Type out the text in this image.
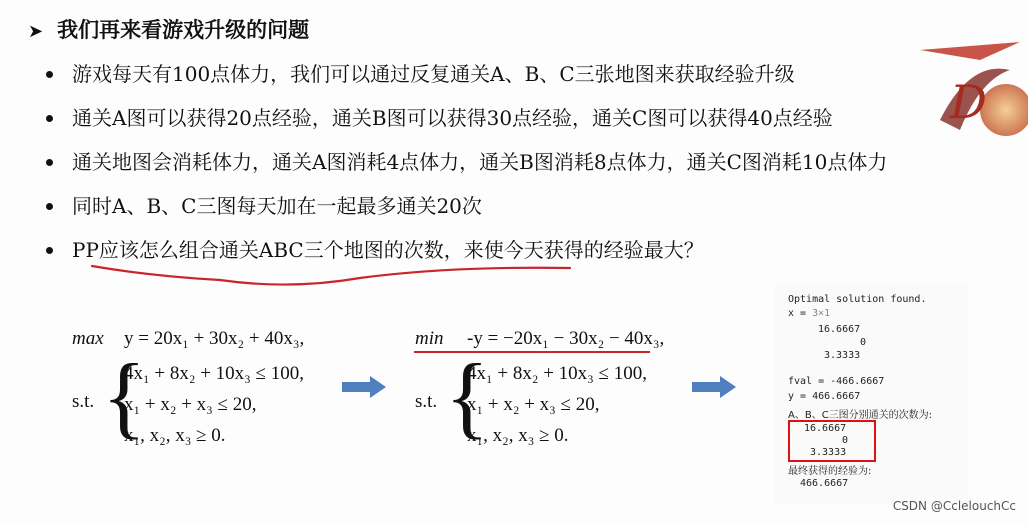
➤ 我们再来看游戏升级的问题
D
游戏每天有100点体力，我们可以通过反复通关A、B、C三张地图来获取经验升级
通关A图可以获得20点经验，通关B图可以获得30点经验，通关C图可以获得40点经验
通关地图会消耗体力，通关A图消耗4点体力，通关B图消耗8点体力，通关C图消耗10点体力
同时A、B、C三图每天加在一起最多通关20次
PP应该怎么组合通关ABC三个地图的次数，来使今天获得的经验最大？
max y = 20x₁ + 30x₂ + 40x₃,
s.t. {
4x₁ + 8x₂ + 10x₃ ≤ 100,
x₁ + x₂ + x₃ ≤ 20,
x₁, x₂, x₃ ≥ 0.
min -y = −20x₁ − 30x₂ − 40x₃,
s.t. {
4x₁ + 8x₂ + 10x₃ ≤ 100,
x₁ + x₂ + x₃ ≤ 20,
x₁, x₂, x₃ ≥ 0.
Optimal solution found.
x = 3×1
16.6667
0
3.3333
fval = -466.6667
y = 466.6667
A、B、C三图分别通关的次数为:
16.6667
0
3.3333
最终获得的经验为:
466.6667
CSDN @CclelouchCc
